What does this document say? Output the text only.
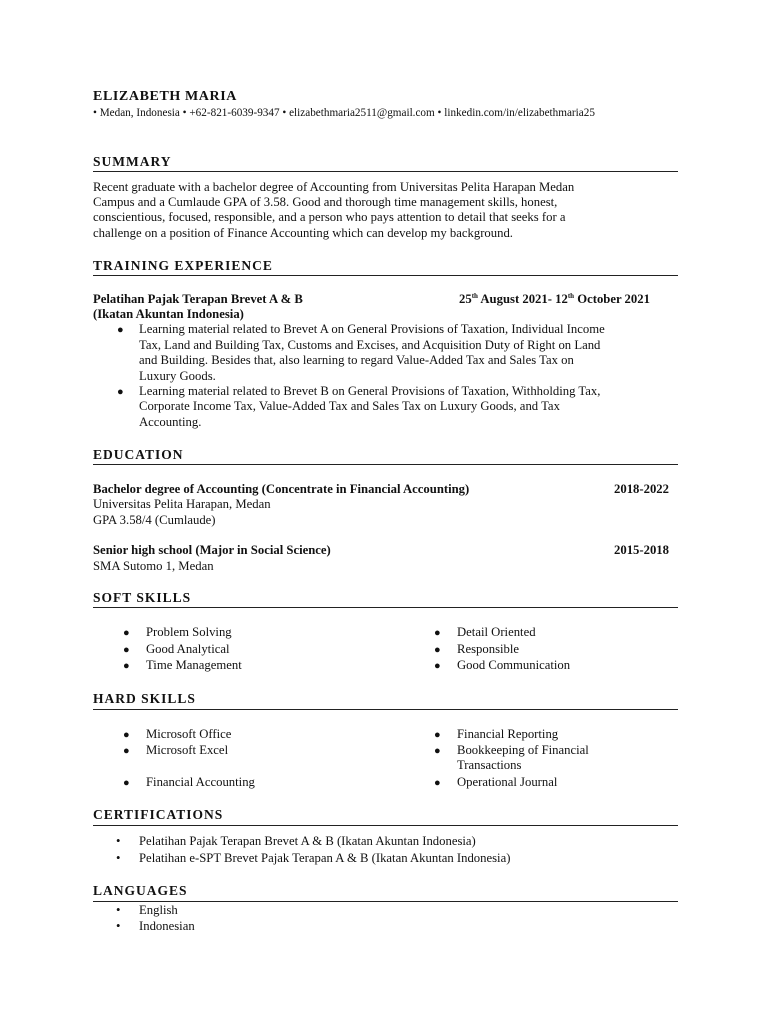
ELIZABETH MARIA
• Medan, Indonesia • +62-821-6039-9347 • elizabethmaria2511@gmail.com • linkedin.com/in/elizabethmaria25
SUMMARY
Recent graduate with a bachelor degree of Accounting from Universitas Pelita Harapan Medan
Campus and a Cumlaude GPA of 3.58. Good and thorough time management skills, honest,
conscientious, focused, responsible, and a person who pays attention to detail that seeks for a
challenge on a position of Finance Accounting which can develop my background.
TRAINING EXPERIENCE
Pelatihan Pajak Terapan Brevet A & B
(Ikatan Akuntan Indonesia)
25th August 2021- 12th October 2021
● Learning material related to Brevet A on General Provisions of Taxation, Individual Income
Tax, Land and Building Tax, Customs and Excises, and Acquisition Duty of Right on Land
and Building. Besides that, also learning to regard Value-Added Tax and Sales Tax on
Luxury Goods.
● Learning material related to Brevet B on General Provisions of Taxation, Withholding Tax,
Corporate Income Tax, Value-Added Tax and Sales Tax on Luxury Goods, and Tax
Accounting.
EDUCATION
Bachelor degree of Accounting (Concentrate in Financial Accounting)	2018-2022
Universitas Pelita Harapan, Medan
GPA 3.58/4 (Cumlaude)
Senior high school (Major in Social Science)	2015-2018
SMA Sutomo 1, Medan
SOFT SKILLS
● Problem Solving
● Good Analytical
● Time Management
● Detail Oriented
● Responsible
● Good Communication
HARD SKILLS
● Microsoft Office
● Microsoft Excel
● Financial Accounting
● Financial Reporting
● Bookkeeping of Financial
Transactions
● Operational Journal
CERTIFICATIONS
• Pelatihan Pajak Terapan Brevet A & B (Ikatan Akuntan Indonesia)
• Pelatihan e-SPT Brevet Pajak Terapan A & B (Ikatan Akuntan Indonesia)
LANGUAGES
• English
• Indonesian
